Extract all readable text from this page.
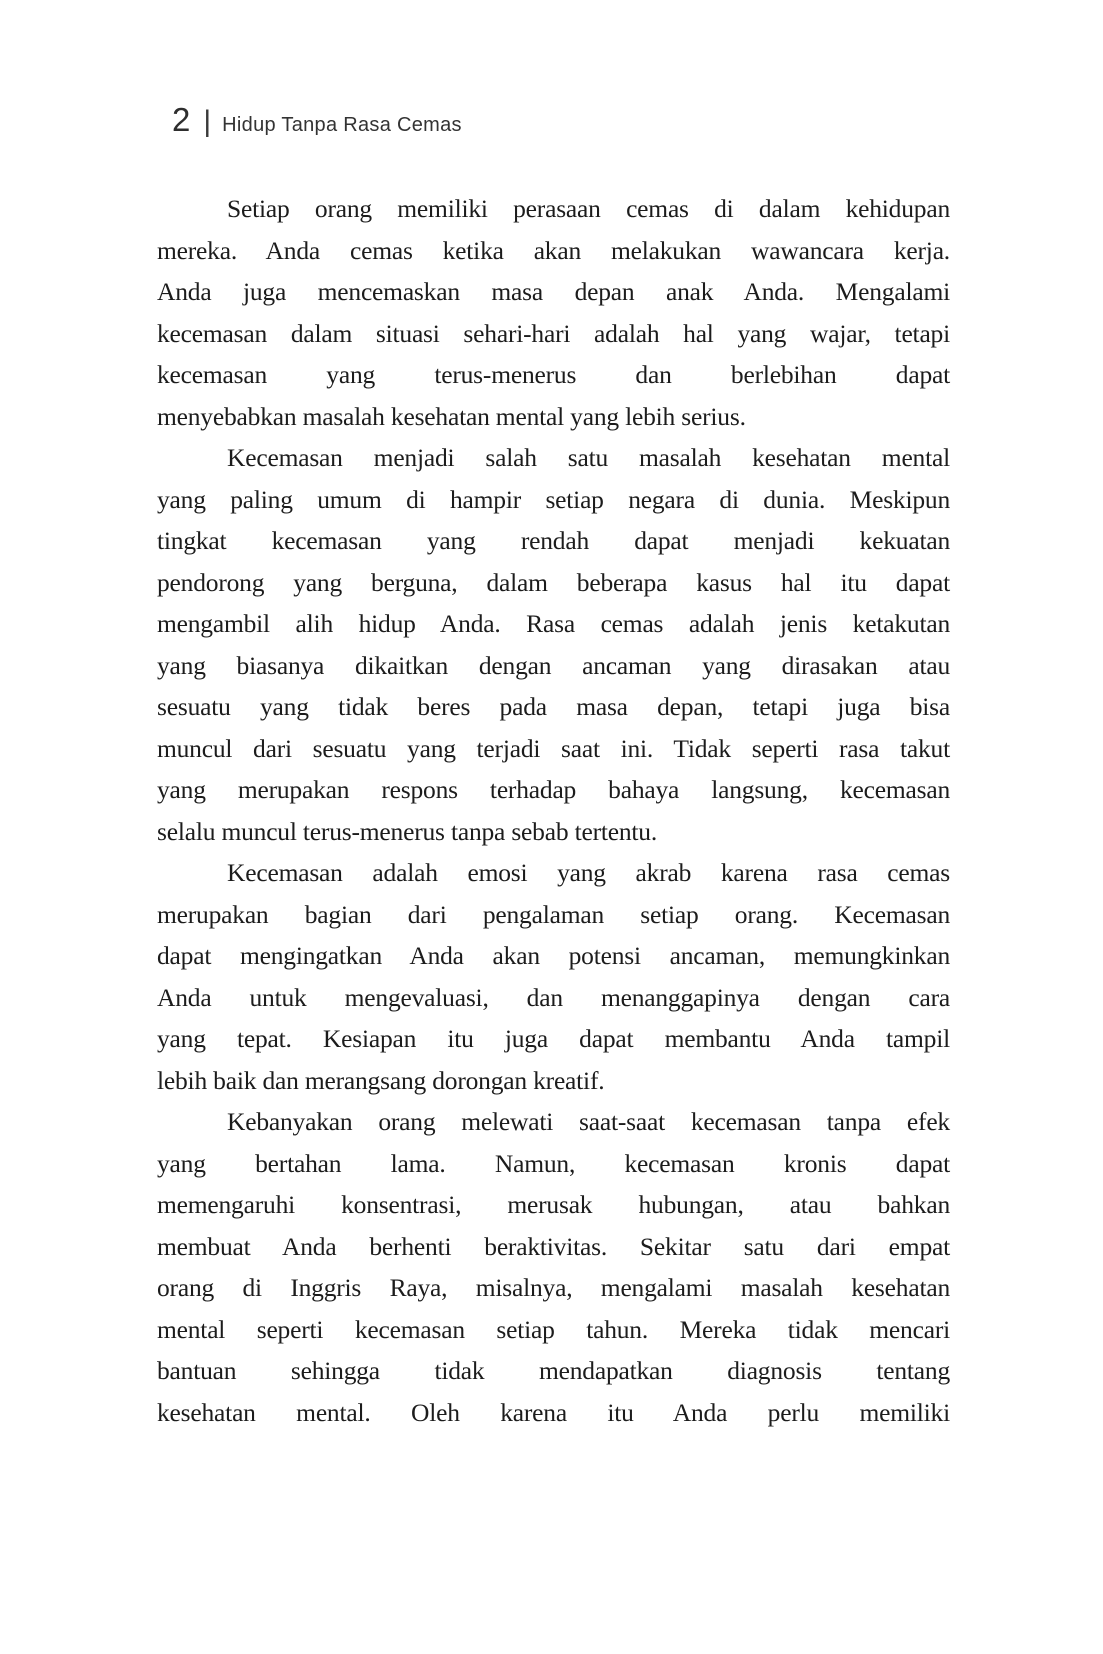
2 | Hidup Tanpa Rasa Cemas

Setiap orang memiliki perasaan cemas di dalam kehidupan
mereka. Anda cemas ketika akan melakukan wawancara kerja.
Anda juga mencemaskan masa depan anak Anda. Mengalami
kecemasan dalam situasi sehari-hari adalah hal yang wajar, tetapi
kecemasan yang terus-menerus dan berlebihan dapat
menyebabkan masalah kesehatan mental yang lebih serius.

Kecemasan menjadi salah satu masalah kesehatan mental
yang paling umum di hampir setiap negara di dunia. Meskipun
tingkat kecemasan yang rendah dapat menjadi kekuatan
pendorong yang berguna, dalam beberapa kasus hal itu dapat
mengambil alih hidup Anda. Rasa cemas adalah jenis ketakutan
yang biasanya dikaitkan dengan ancaman yang dirasakan atau
sesuatu yang tidak beres pada masa depan, tetapi juga bisa
muncul dari sesuatu yang terjadi saat ini. Tidak seperti rasa takut
yang merupakan respons terhadap bahaya langsung, kecemasan
selalu muncul terus-menerus tanpa sebab tertentu.

Kecemasan adalah emosi yang akrab karena rasa cemas
merupakan bagian dari pengalaman setiap orang. Kecemasan
dapat mengingatkan Anda akan potensi ancaman, memungkinkan
Anda untuk mengevaluasi, dan menanggapinya dengan cara
yang tepat. Kesiapan itu juga dapat membantu Anda tampil
lebih baik dan merangsang dorongan kreatif.

Kebanyakan orang melewati saat-saat kecemasan tanpa efek
yang bertahan lama. Namun, kecemasan kronis dapat
memengaruhi konsentrasi, merusak hubungan, atau bahkan
membuat Anda berhenti beraktivitas. Sekitar satu dari empat
orang di Inggris Raya, misalnya, mengalami masalah kesehatan
mental seperti kecemasan setiap tahun. Mereka tidak mencari
bantuan sehingga tidak mendapatkan diagnosis tentang
kesehatan mental. Oleh karena itu Anda perlu memiliki
